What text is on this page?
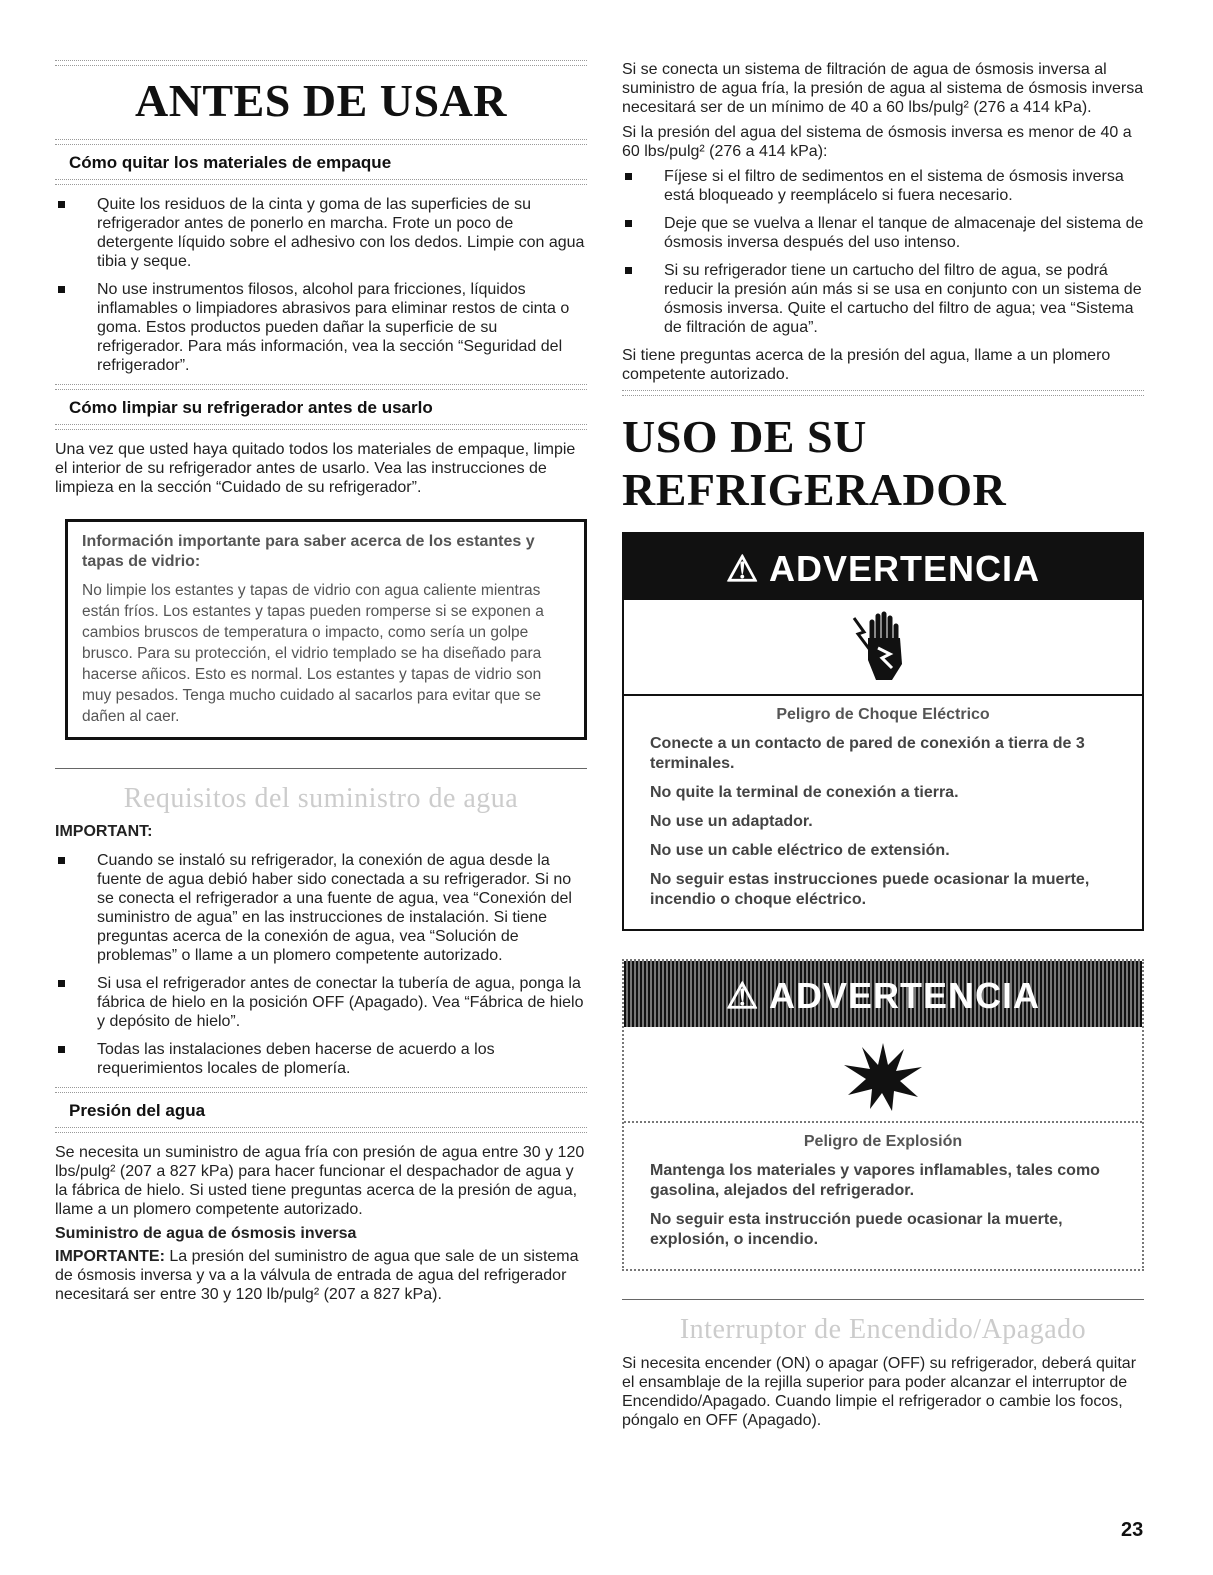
ANTES DE USAR
Cómo quitar los materiales de empaque
Quite los residuos de la cinta y goma de las superficies de su refrigerador antes de ponerlo en marcha. Frote un poco de detergente líquido sobre el adhesivo con los dedos. Limpie con agua tibia y seque.
No use instrumentos filosos, alcohol para fricciones, líquidos inflamables o limpiadores abrasivos para eliminar restos de cinta o goma. Estos productos pueden dañar la superficie de su refrigerador. Para más información, vea la sección “Seguridad del refrigerador”.
Cómo limpiar su refrigerador antes de usarlo

Una vez que usted haya quitado todos los materiales de empaque, limpie el interior de su refrigerador antes de usarlo. Vea las instrucciones de limpieza en la sección “Cuidado de su refrigerador”.

Información importante para saber acerca de los estantes y tapas de vidrio:

No limpie los estantes y tapas de vidrio con agua caliente mientras están fríos. Los estantes y tapas pueden romperse si se exponen a cambios bruscos de temperatura o impacto, como sería un golpe brusco. Para su protección, el vidrio templado se ha diseñado para hacerse añicos. Esto es normal. Los estantes y tapas de vidrio son muy pesados. Tenga mucho cuidado al sacarlos para evitar que se dañen al caer.

Requisitos del suministro de agua
IMPORTANT:
Cuando se instaló su refrigerador, la conexión de agua desde la fuente de agua debió haber sido conectada a su refrigerador. Si no se conecta el refrigerador a una fuente de agua, vea “Conexión del suministro de agua” en las instrucciones de instalación. Si tiene preguntas acerca de la conexión de agua, vea “Solución de problemas” o llame a un plomero competente autorizado.
Si usa el refrigerador antes de conectar la tubería de agua, ponga la fábrica de hielo en la posición OFF (Apagado). Vea “Fábrica de hielo y depósito de hielo”.
Todas las instalaciones deben hacerse de acuerdo a los requerimientos locales de plomería.
Presión del agua

Se necesita un suministro de agua fría con presión de agua entre 30 y 120 lbs/pulg² (207 a 827 kPa) para hacer funcionar el despachador de agua y la fábrica de hielo. Si usted tiene preguntas acerca de la presión de agua, llame a un plomero competente autorizado.

Suministro de agua de ósmosis inversa

IMPORTANTE: La presión del suministro de agua que sale de un sistema de ósmosis inversa y va a la válvula de entrada de agua del refrigerador necesitará ser entre 30 y 120 lb/pulg² (207 a 827 kPa).

Si se conecta un sistema de filtración de agua de ósmosis inversa al suministro de agua fría, la presión de agua al sistema de ósmosis inversa necesitará ser de un mínimo de 40 a 60 lbs/pulg² (276 a 414 kPa).

Si la presión del agua del sistema de ósmosis inversa es menor de 40 a 60 lbs/pulg² (276 a 414 kPa):

Fíjese si el filtro de sedimentos en el sistema de ósmosis inversa está bloqueado y reemplácelo si fuera necesario.
Deje que se vuelva a llenar el tanque de almacenaje del sistema de ósmosis inversa después del uso intenso.
Si su refrigerador tiene un cartucho del filtro de agua, se podrá reducir la presión aún más si se usa en conjunto con un sistema de ósmosis inversa. Quite el cartucho del filtro de agua; vea “Sistema de filtración de agua”.

Si tiene preguntas acerca de la presión del agua, llame a un plomero competente autorizado.

USO DE SU REFRIGERADOR
⚠ ADVERTENCIA
Peligro de Choque Eléctrico

Conecte a un contacto de pared de conexión a tierra de 3 terminales.

No quite la terminal de conexión a tierra.

No use un adaptador.

No use un cable eléctrico de extensión.

No seguir estas instrucciones puede ocasionar la muerte, incendio o choque eléctrico.

⚠ ADVERTENCIA
Peligro de Explosión

Mantenga los materiales y vapores inflamables, tales como gasolina, alejados del refrigerador.

No seguir esta instrucción puede ocasionar la muerte, explosión, o incendio.

Interruptor de Encendido/Apagado

Si necesita encender (ON) o apagar (OFF) su refrigerador, deberá quitar el ensamblaje de la rejilla superior para poder alcanzar el interruptor de Encendido/Apagado. Cuando limpie el refrigerador o cambie los focos, póngalo en OFF (Apagado).

23
